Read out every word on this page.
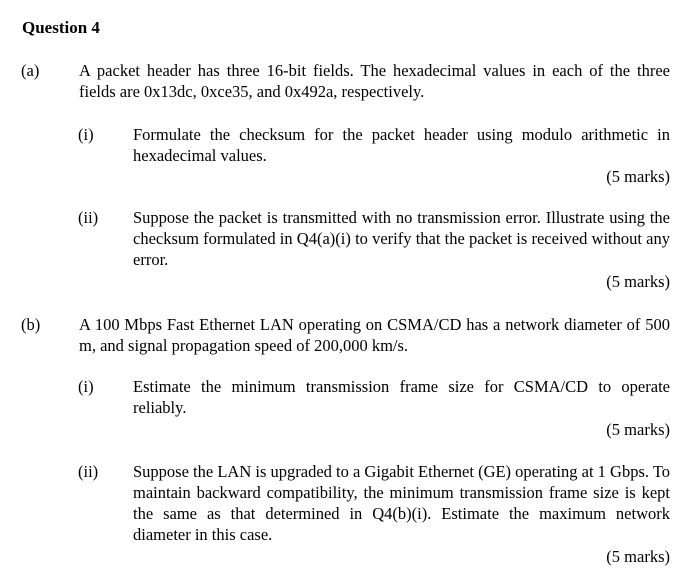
Question 4
(a) A packet header has three 16-bit fields. The hexadecimal values in each of the three fields are 0x13dc, 0xce35, and 0x492a, respectively.
(i) Formulate the checksum for the packet header using modulo arithmetic in hexadecimal values.
(5 marks)
(ii) Suppose the packet is transmitted with no transmission error. Illustrate using the checksum formulated in Q4(a)(i) to verify that the packet is received without any error.
(5 marks)
(b) A 100 Mbps Fast Ethernet LAN operating on CSMA/CD has a network diameter of 500 m, and signal propagation speed of 200,000 km/s.
(i) Estimate the minimum transmission frame size for CSMA/CD to operate reliably.
(5 marks)
(ii) Suppose the LAN is upgraded to a Gigabit Ethernet (GE) operating at 1 Gbps. To maintain backward compatibility, the minimum transmission frame size is kept the same as that determined in Q4(b)(i). Estimate the maximum network diameter in this case.
(5 marks)
